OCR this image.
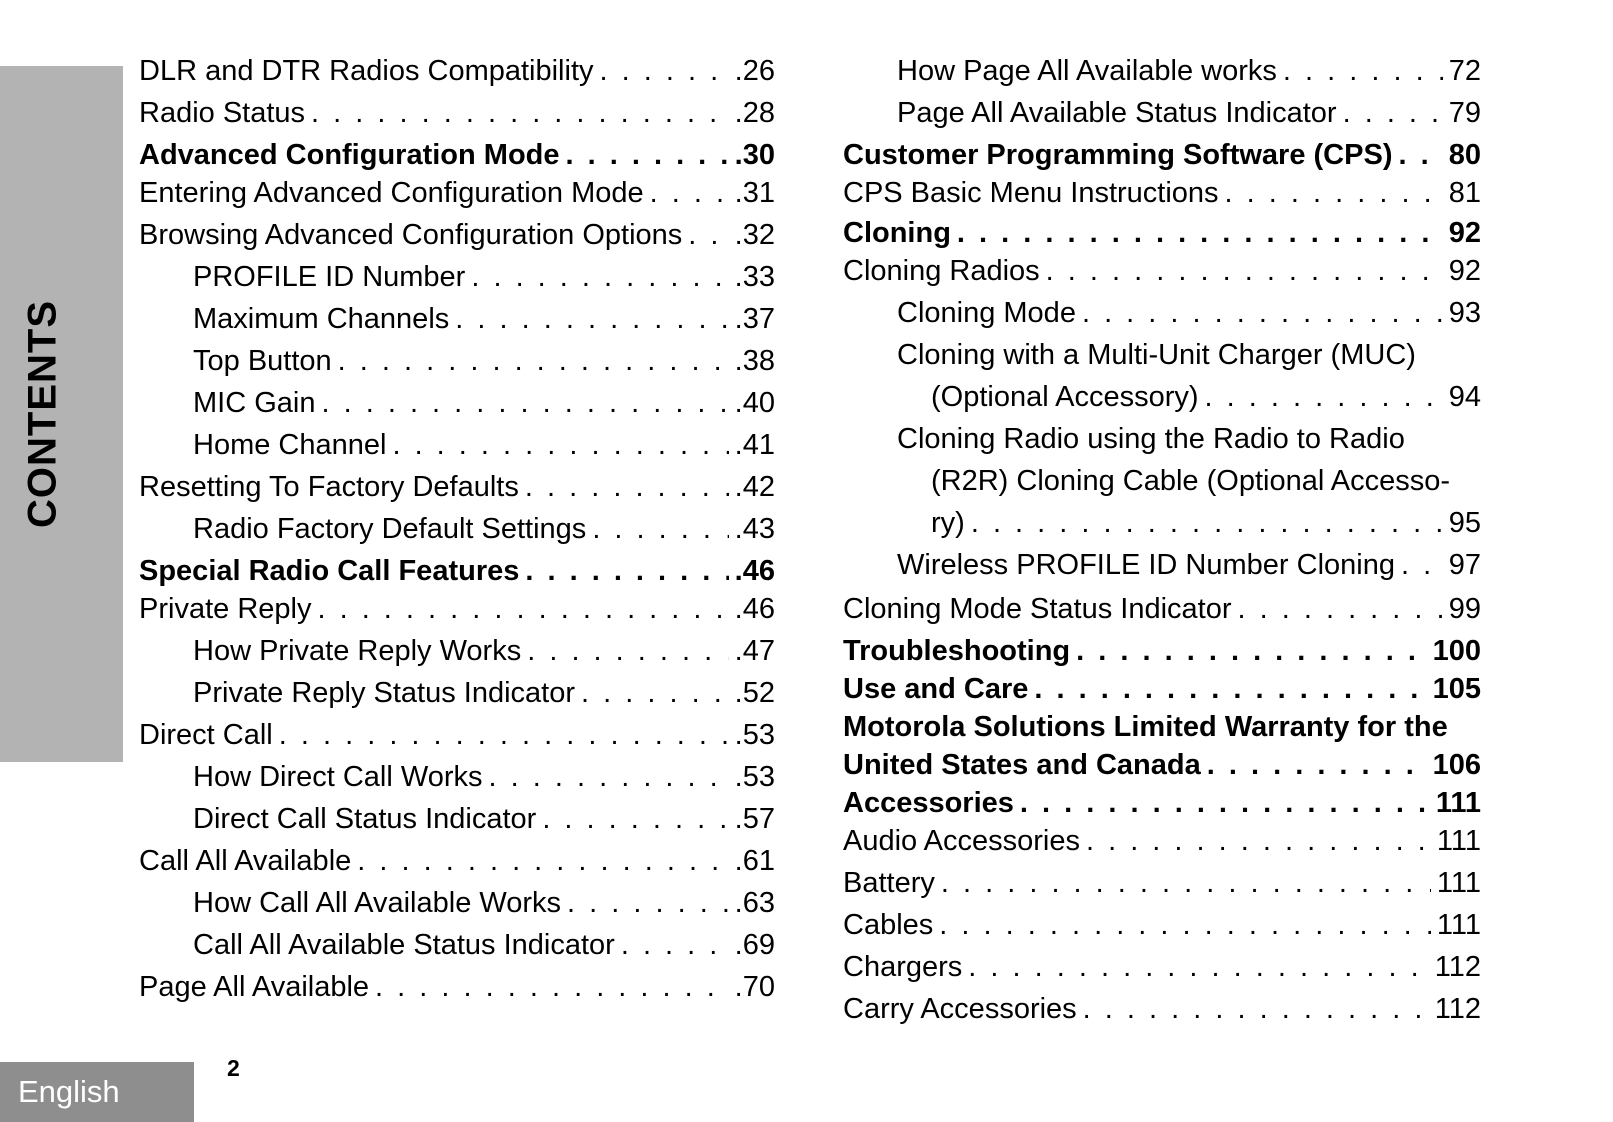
CONTENTS
DLR and DTR Radios Compatibility . . .	.26
Radio Status . . .	.28
Advanced Configuration Mode . . .	.30
Entering Advanced Configuration Mode . . .	.31
Browsing Advanced Configuration Options . . . .32
PROFILE ID Number . . .	.33
Maximum Channels . . .	.37
Top Button . . .	.38
MIC Gain . . .	.40
Home Channel . . .	.41
Resetting To Factory Defaults . . .	.42
Radio Factory Default Settings . . .	.43
Special Radio Call Features . . .	.46
Private Reply . . .	.46
How Private Reply Works . . .	.47
Private Reply Status Indicator . . .	.52
Direct Call . . .	.53
How Direct Call Works . . .	.53
Direct Call Status Indicator . . .	.57
Call All Available . . .	.61
How Call All Available Works . . .	.63
Call All Available Status Indicator . . .	.69
Page All Available . . .	.70
How Page All Available works . . .	72
Page All Available Status Indicator . . .	79
Customer Programming Software (CPS) . . . 80
CPS Basic Menu Instructions . . .	81
Cloning . . .	92
Cloning Radios . . .	92
Cloning Mode . . .	93
Cloning with a Multi-Unit Charger (MUC)
(Optional Accessory) . . .	94
Cloning Radio using the Radio to Radio
(R2R) Cloning Cable (Optional Accesso-
ry) . . .	95
Wireless PROFILE ID Number Cloning . . . 97
Cloning Mode Status Indicator . . .	99
Troubleshooting . . .	100
Use and Care . . .	105
Motorola Solutions Limited Warranty for the
United States and Canada . . .	106
Accessories . . .	111
Audio Accessories . . .	111
Battery . . .	111
Cables . . .	111
Chargers . . .	112
Carry Accessories . . .	112
2
English
